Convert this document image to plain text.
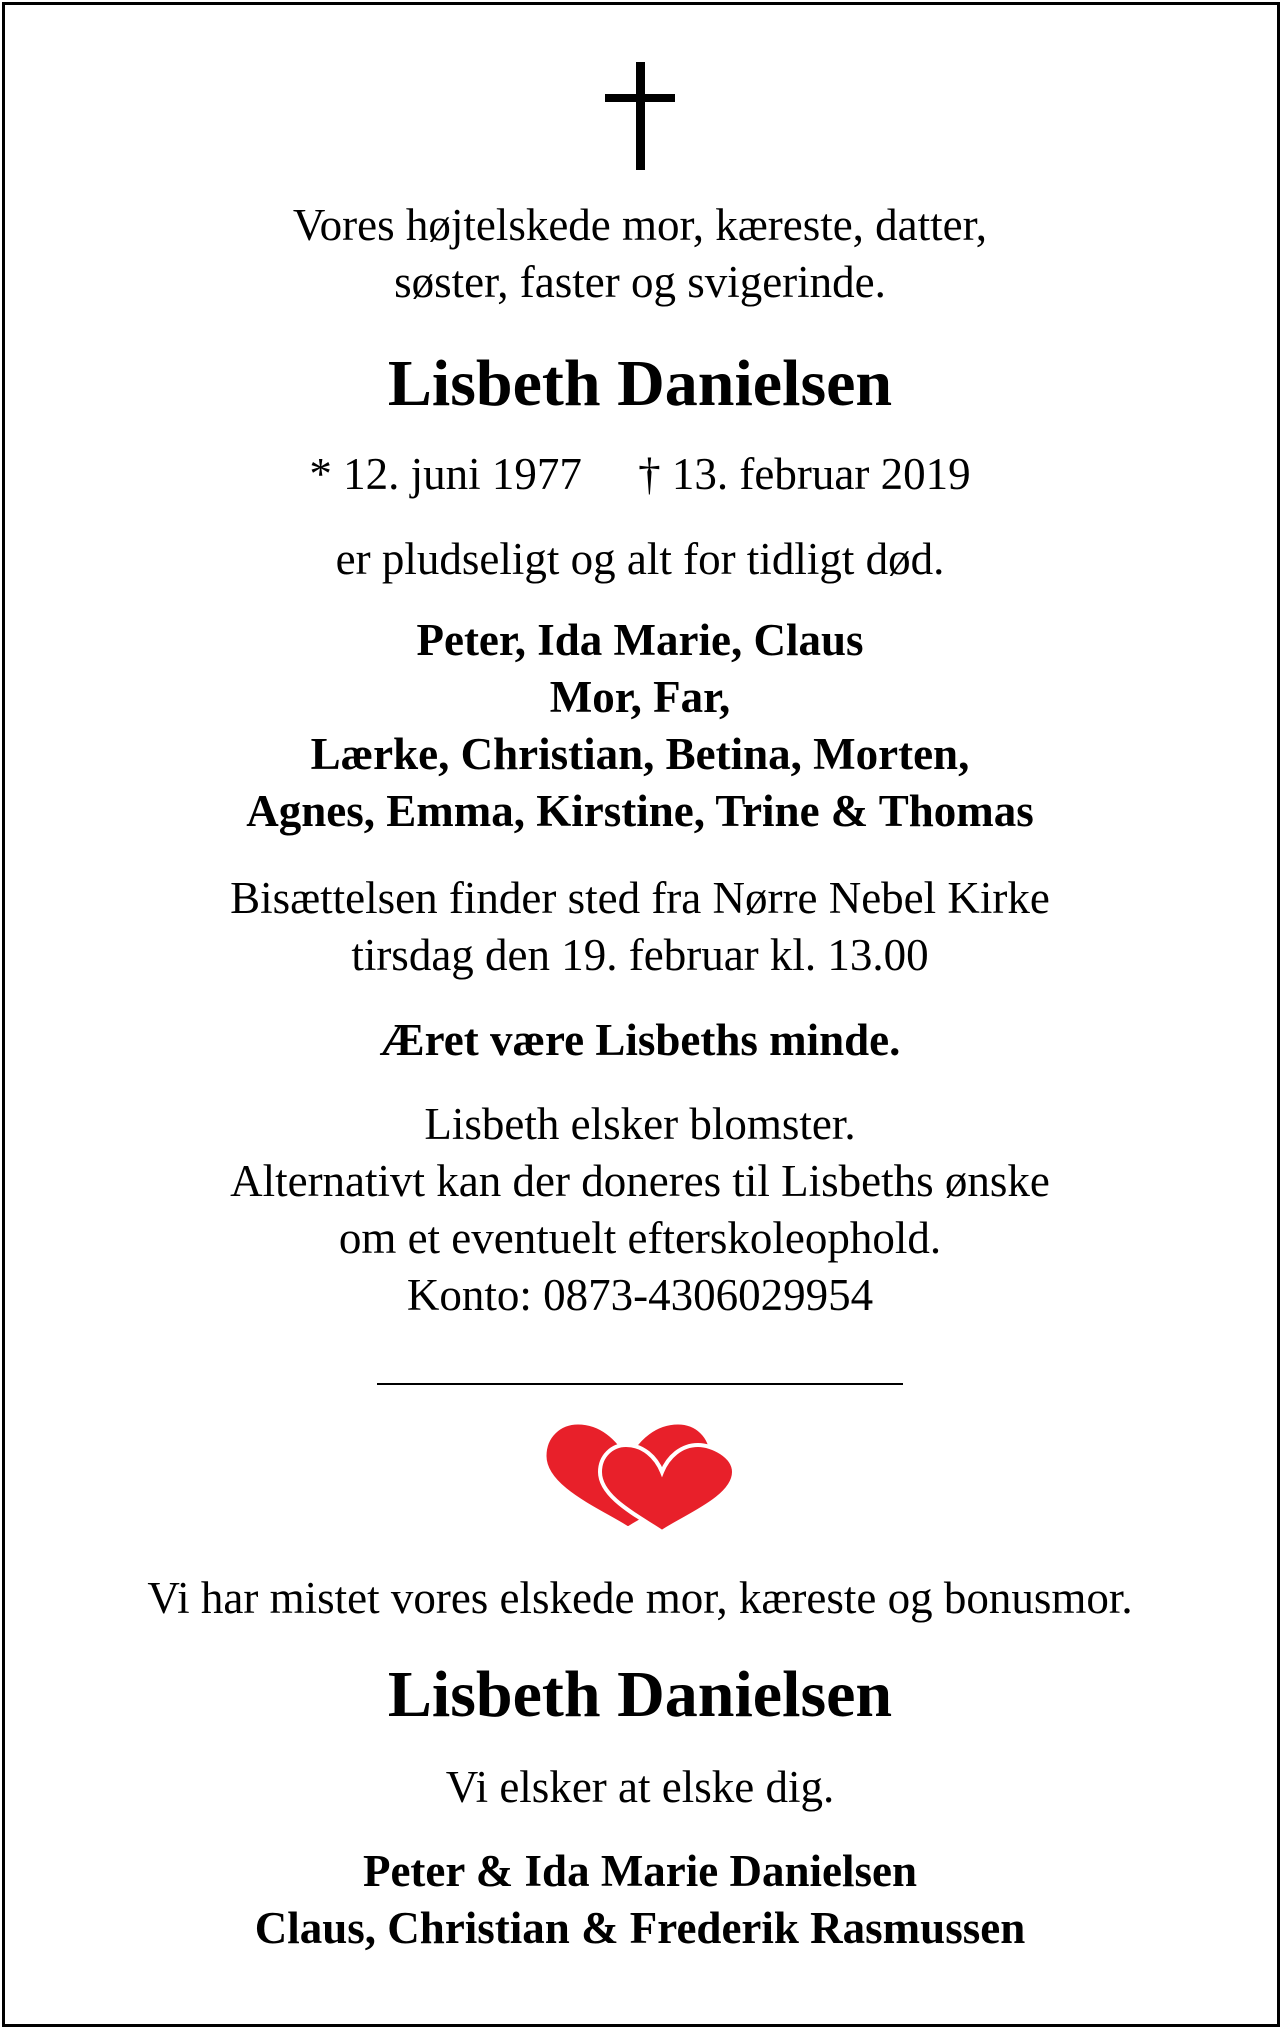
Vores højtelskede mor, kæreste, datter,
søster, faster og svigerinde.

Lisbeth Danielsen

* 12. juni 1977 † 13. februar 2019

er pludseligt og alt for tidligt død.

Peter, Ida Marie, Claus
Mor, Far,
Lærke, Christian, Betina, Morten,
Agnes, Emma, Kirstine, Trine & Thomas

Bisættelsen finder sted fra Nørre Nebel Kirke
tirsdag den 19. februar kl. 13.00

Æret være Lisbeths minde.

Lisbeth elsker blomster.
Alternativt kan der doneres til Lisbeths ønske
om et eventuelt efterskoleophold.
Konto: 0873-4306029954

Vi har mistet vores elskede mor, kæreste og bonusmor.

Lisbeth Danielsen

Vi elsker at elske dig.

Peter & Ida Marie Danielsen
Claus, Christian & Frederik Rasmussen
